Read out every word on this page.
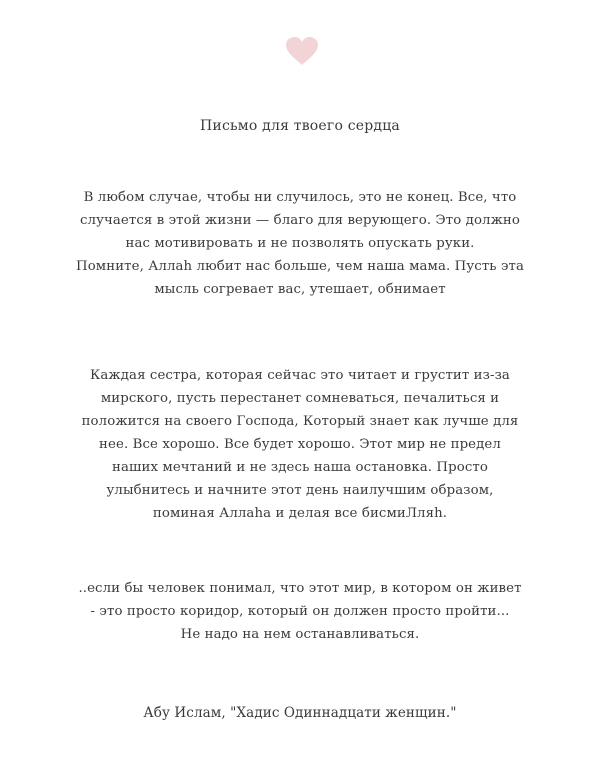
Письмо для твоего сердца
В любом случае, чтобы ни случилось, это не конец. Все, что
случается в этой жизни — благо для верующего. Это должно
нас мотивировать и не позволять опускать руки.
Помните, Аллаһ любит нас больше, чем наша мама. Пусть эта
мысль согревает вас, утешает, обнимает
Каждая сестра, которая сейчас это читает и грустит из-за
мирского, пусть перестанет сомневаться, печалиться и
положится на своего Господа, Который знает как лучше для
нее. Все хорошо. Все будет хорошо. Этот мир не предел
наших мечтаний и не здесь наша остановка. Просто
улыбнитесь и начните этот день наилучшим образом,
поминая Аллаһа и делая все бисмиЛляһ.
..если бы человек понимал, что этот мир, в котором он живет
- это просто коридор, который он должен просто пройти...
Не надо на нем останавливаться.
Абу Ислам, "Хадис Одиннадцати женщин."
